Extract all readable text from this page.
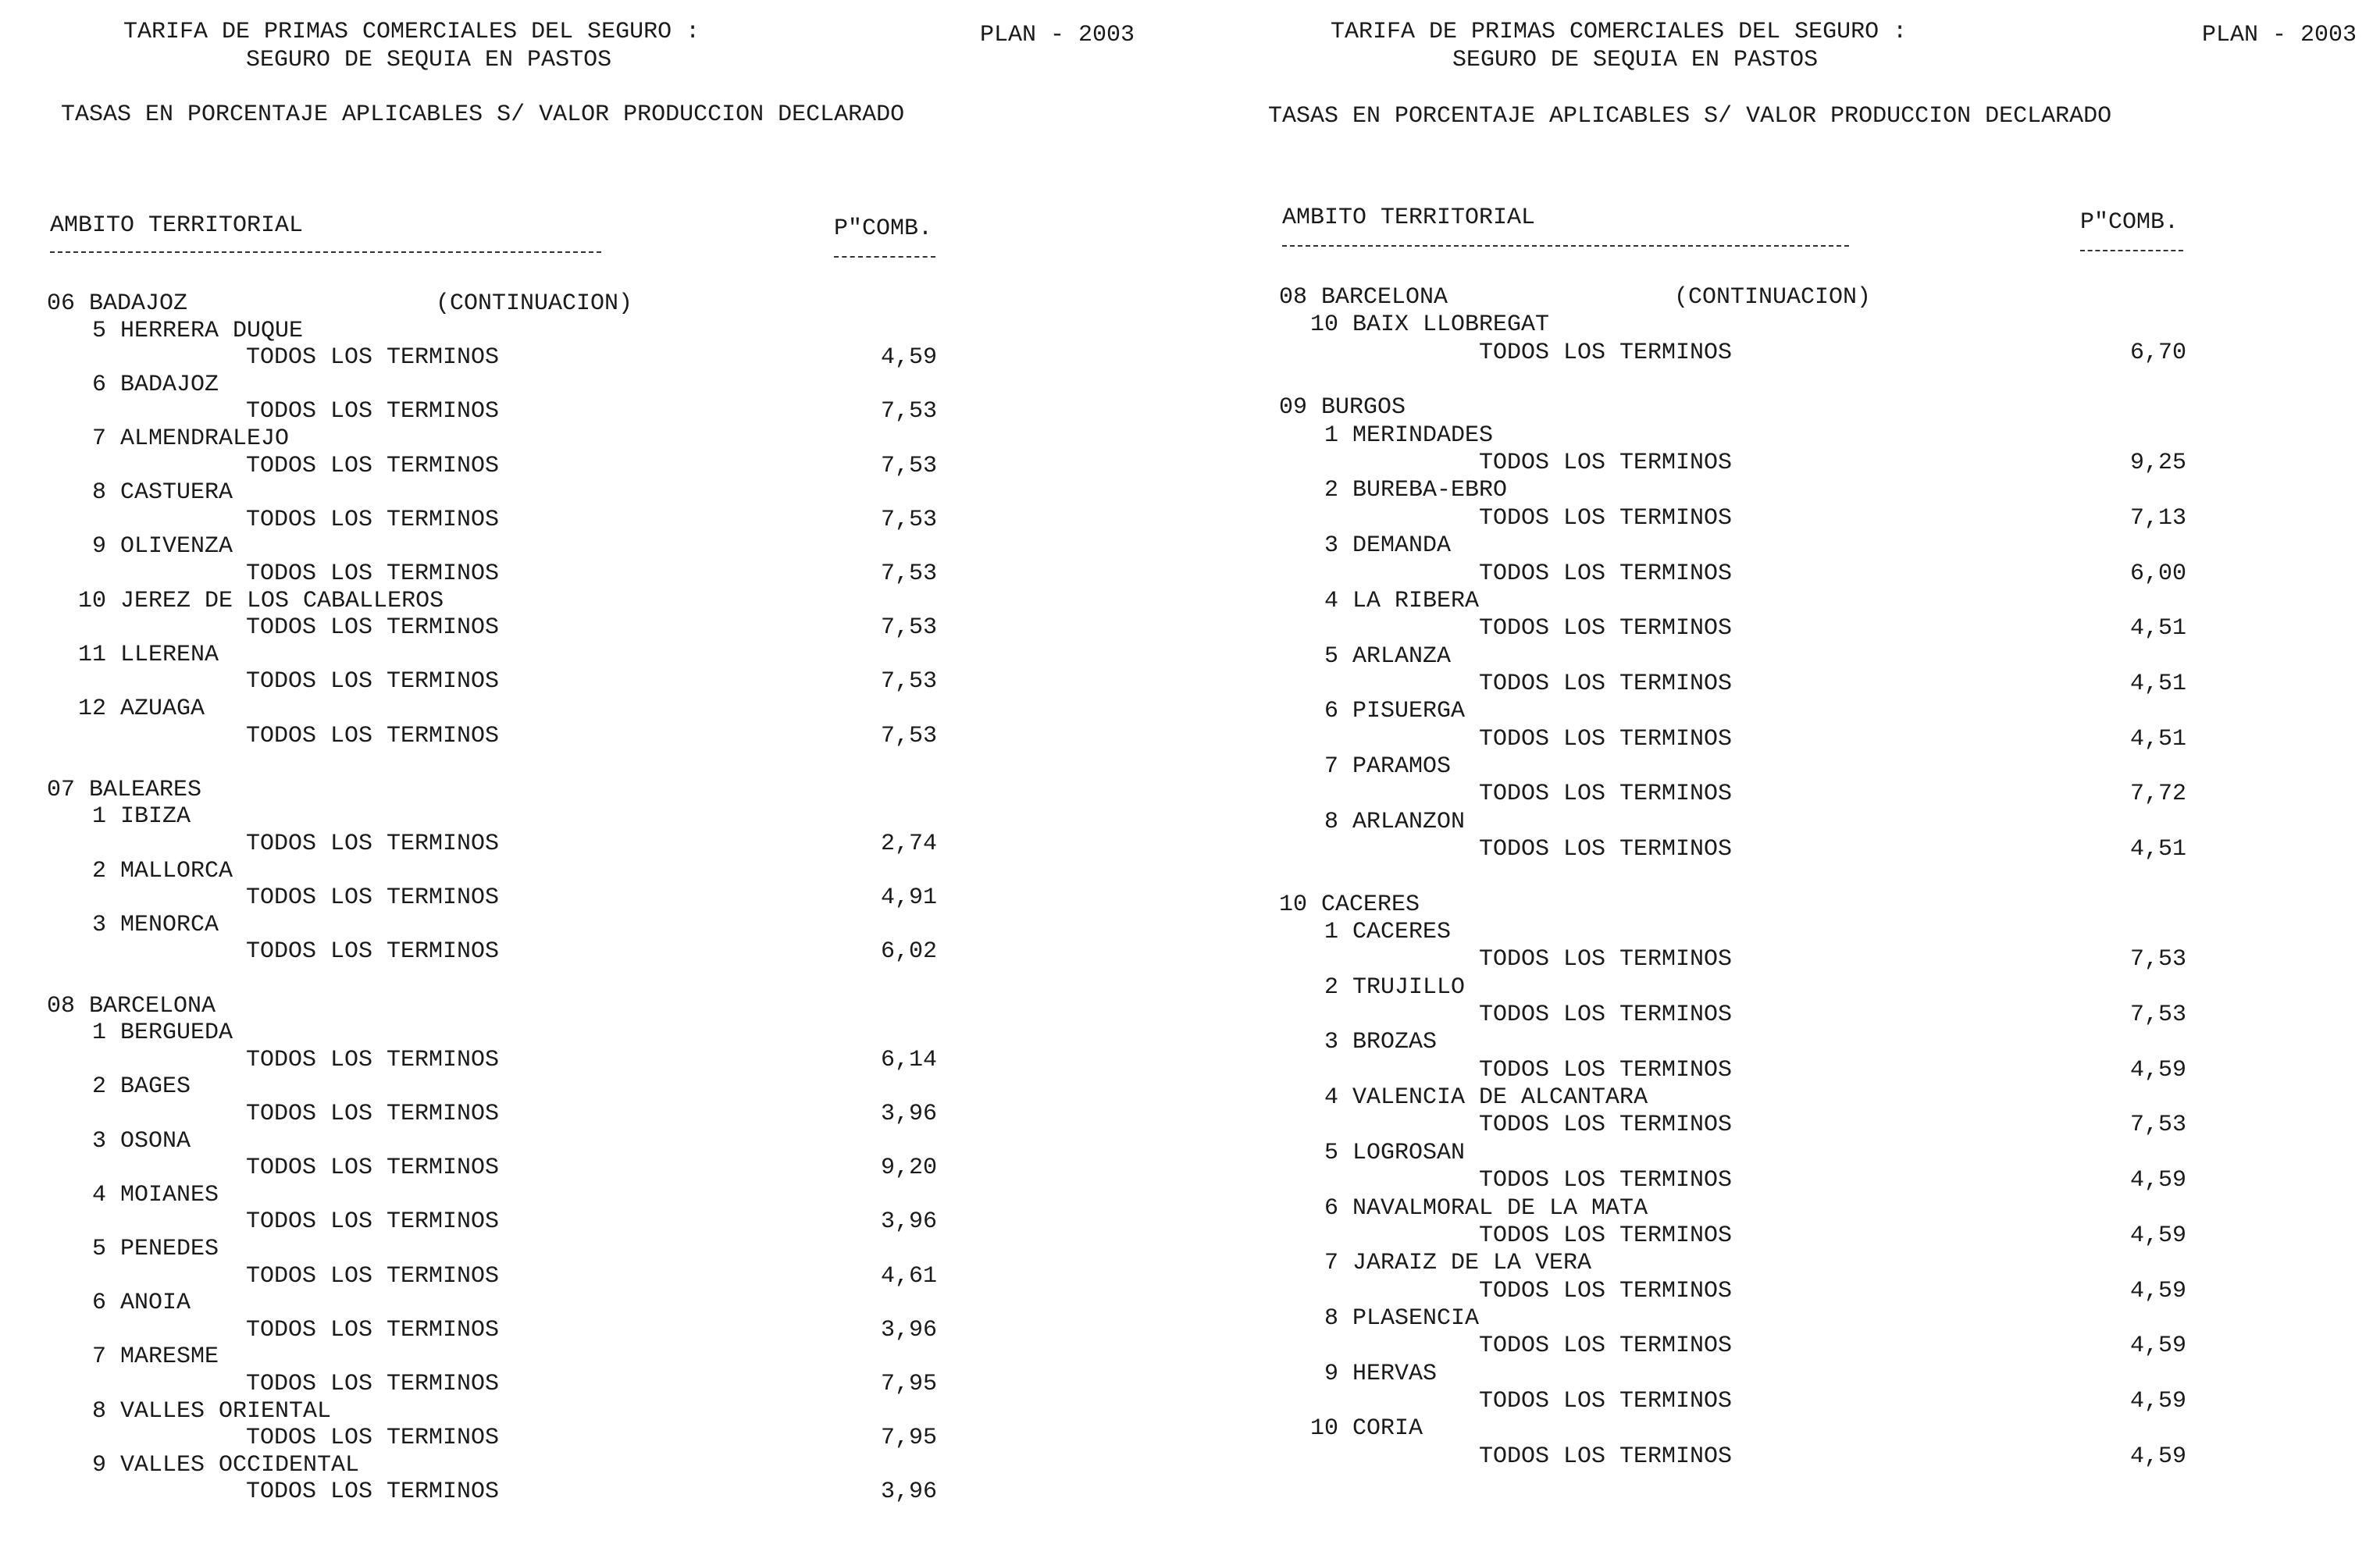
TARIFA DE PRIMAS COMERCIALES DEL SEGURO :
SEGURO DE SEQUIA EN PASTOS
PLAN - 2003
TASAS EN PORCENTAJE APLICABLES S/ VALOR PRODUCCION DECLARADO
AMBITO TERRITORIAL	P"COMB.
06 BADAJOZ	(CONTINUACION)
5 HERRERA DUQUE
TODOS LOS TERMINOS	4,59
6 BADAJOZ
TODOS LOS TERMINOS	7,53
7 ALMENDRALEJO
TODOS LOS TERMINOS	7,53
8 CASTUERA
TODOS LOS TERMINOS	7,53
9 OLIVENZA
TODOS LOS TERMINOS	7,53
10 JEREZ DE LOS CABALLEROS
TODOS LOS TERMINOS	7,53
11 LLERENA
TODOS LOS TERMINOS	7,53
12 AZUAGA
TODOS LOS TERMINOS	7,53
07 BALEARES
1 IBIZA
TODOS LOS TERMINOS	2,74
2 MALLORCA
TODOS LOS TERMINOS	4,91
3 MENORCA
TODOS LOS TERMINOS	6,02
08 BARCELONA
1 BERGUEDA
TODOS LOS TERMINOS	6,14
2 BAGES
TODOS LOS TERMINOS	3,96
3 OSONA
TODOS LOS TERMINOS	9,20
4 MOIANES
TODOS LOS TERMINOS	3,96
5 PENEDES
TODOS LOS TERMINOS	4,61
6 ANOIA
TODOS LOS TERMINOS	3,96
7 MARESME
TODOS LOS TERMINOS	7,95
8 VALLES ORIENTAL
TODOS LOS TERMINOS	7,95
9 VALLES OCCIDENTAL
TODOS LOS TERMINOS	3,96
TARIFA DE PRIMAS COMERCIALES DEL SEGURO :
SEGURO DE SEQUIA EN PASTOS
PLAN - 2003
TASAS EN PORCENTAJE APLICABLES S/ VALOR PRODUCCION DECLARADO
AMBITO TERRITORIAL	P"COMB.
08 BARCELONA	(CONTINUACION)
10 BAIX LLOBREGAT
TODOS LOS TERMINOS	6,70
09 BURGOS
1 MERINDADES
TODOS LOS TERMINOS	9,25
2 BUREBA-EBRO
TODOS LOS TERMINOS	7,13
3 DEMANDA
TODOS LOS TERMINOS	6,00
4 LA RIBERA
TODOS LOS TERMINOS	4,51
5 ARLANZA
TODOS LOS TERMINOS	4,51
6 PISUERGA
TODOS LOS TERMINOS	4,51
7 PARAMOS
TODOS LOS TERMINOS	7,72
8 ARLANZON
TODOS LOS TERMINOS	4,51
10 CACERES
1 CACERES
TODOS LOS TERMINOS	7,53
2 TRUJILLO
TODOS LOS TERMINOS	7,53
3 BROZAS
TODOS LOS TERMINOS	4,59
4 VALENCIA DE ALCANTARA
TODOS LOS TERMINOS	7,53
5 LOGROSAN
TODOS LOS TERMINOS	4,59
6 NAVALMORAL DE LA MATA
TODOS LOS TERMINOS	4,59
7 JARAIZ DE LA VERA
TODOS LOS TERMINOS	4,59
8 PLASENCIA
TODOS LOS TERMINOS	4,59
9 HERVAS
TODOS LOS TERMINOS	4,59
10 CORIA
TODOS LOS TERMINOS	4,59
